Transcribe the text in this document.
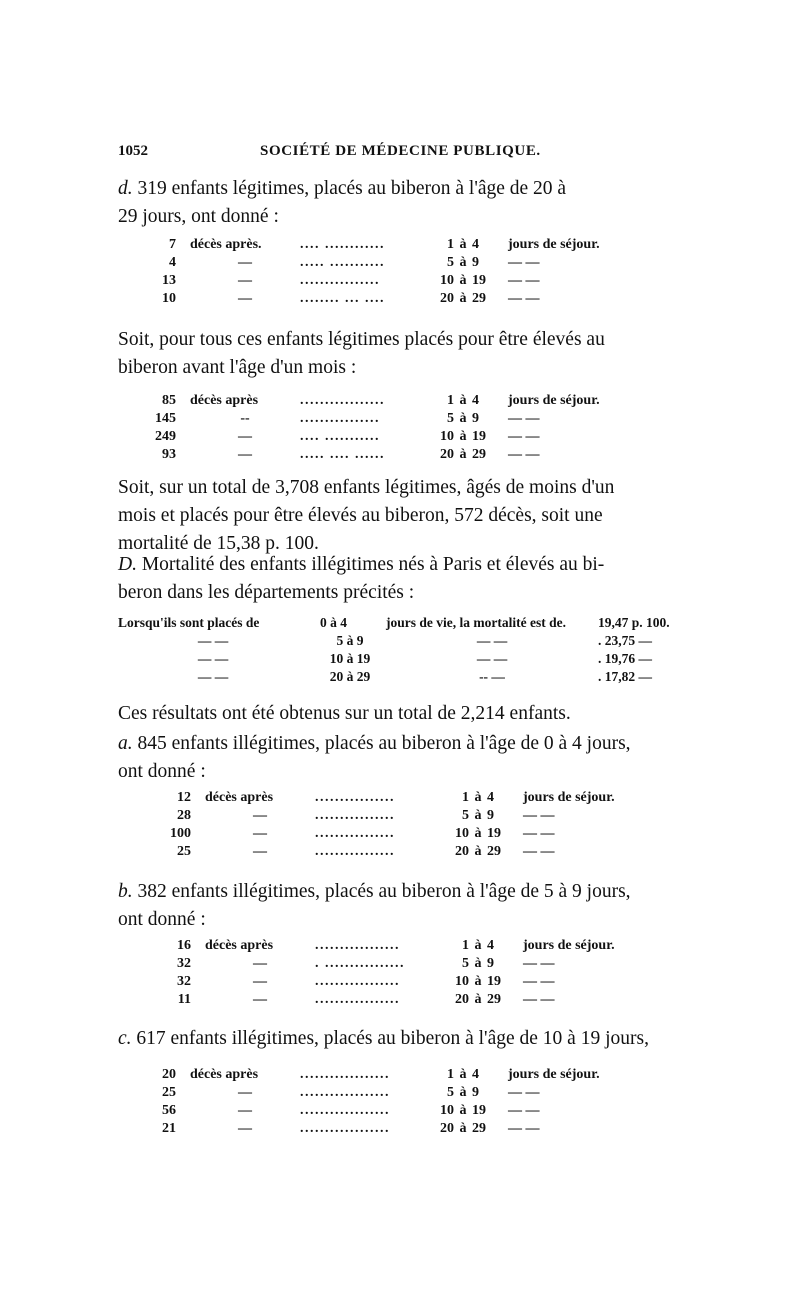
1052	SOCIÉTÉ DE MÉDECINE PUBLIQUE.
d. 319 enfants légitimes, placés au biberon à l'âge de 20 à
29 jours, ont donné :
7 décès après.	.... ............	1 à 4	jours de séjour.
4	—	..... ...........	5 à 9	— —
13	—	................	10 à 19	— —
10	—	........ ... ....	20 à 29	— —
Soit, pour tous ces enfants légitimes placés pour être élevés au
biberon avant l'âge d'un mois :
85 décès après	.................	1 à 4	jours de séjour.
145	--	................	5 à 9	— —
249	—	.... ...........	10 à 19	— —
93	—	..... .... ......	20 à 29	— —
Soit, sur un total de 3,708 enfants légitimes, âgés de moins d'un
mois et placés pour être élevés au biberon, 572 décès, soit une
mortalité de 15,38 p. 100.
D. Mortalité des enfants illégitimes nés à Paris et élevés au bi-
beron dans les départements précités :
Lorsqu'ils sont placés de	0 à 4	jours de vie, la mortalité est de.	19,47 p. 100.
— —	5 à 9	— —	. 23,75 —
— —	10 à 19	— —	. 19,76 —
— —	20 à 29	-- —	. 17,82 —
Ces résultats ont été obtenus sur un total de 2,214 enfants.
a. 845 enfants illégitimes, placés au biberon à l'âge de 0 à 4 jours,
ont donné :
12 décès après	................	1 à 4	jours de séjour.
28	—	................	5 à 9	— —
100	—	................	10 à 19	— —
25	—	................	20 à 29	— —
b. 382 enfants illégitimes, placés au biberon à l'âge de 5 à 9 jours,
ont donné :
16 décès après	.................	1 à 4	jours de séjour.
32	—	. ................	5 à 9	— —
32	—	.................	10 à 19	— —
11	—	.................	20 à 29	— —
c. 617 enfants illégitimes, placés au biberon à l'âge de 10 à 19 jours,
20 décès après	..................	1 à 4	jours de séjour.
25	—	..................	5 à 9	— —
56	—	..................	10 à 19	— —
21	—	..................	20 à 29	— —
